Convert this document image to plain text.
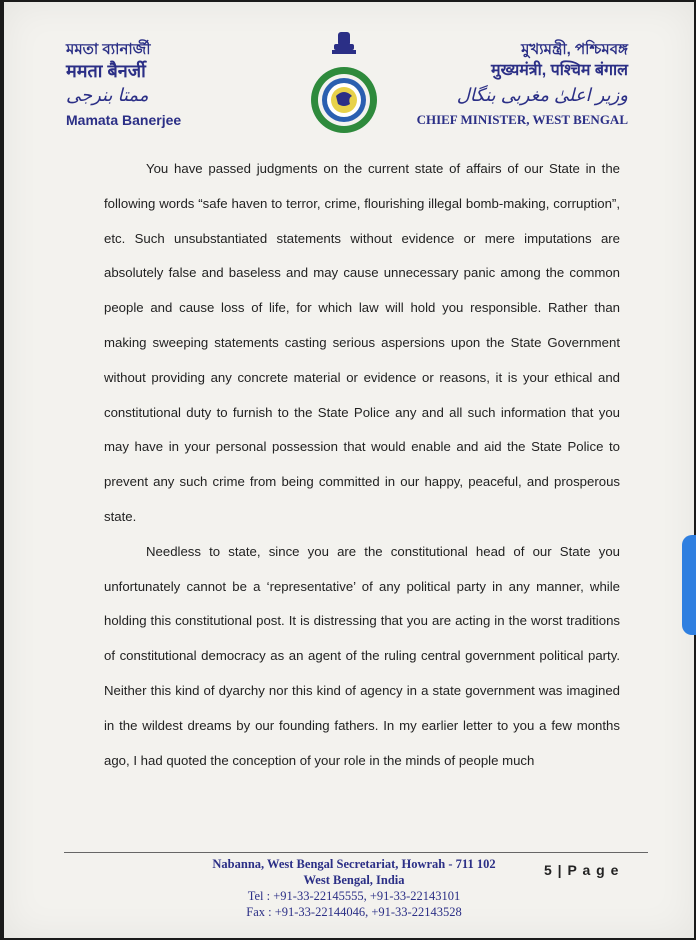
মমতা ব্যানার্জী
ममता बैनर्जी
ممتا بنرجی
Mamata Banerjee
মুখ্যমন্ত্রী, পশ্চিমবঙ্গ
मुख्यमंत्री, पश्चिम बंगाल
وزیر اعلیٰ مغربی بنگال
CHIEF MINISTER, WEST BENGAL

You have passed judgments on the current state of affairs of our State in the following words “safe haven to terror, crime, flourishing illegal bomb-making, corruption”, etc. Such unsubstantiated statements without evidence or mere imputations are absolutely false and baseless and may cause unnecessary panic among the common people and cause loss of life, for which law will hold you responsible. Rather than making sweeping statements casting serious aspersions upon the State Government without providing any concrete material or evidence or reasons, it is your ethical and constitutional duty to furnish to the State Police any and all such information that you may have in your personal possession that would enable and aid the State Police to prevent any such crime from being committed in our happy, peaceful, and prosperous state.

Needless to state, since you are the constitutional head of our State you unfortunately cannot be a ‘representative’ of any political party in any manner, while holding this constitutional post. It is distressing that you are acting in the worst traditions of constitutional democracy as an agent of the ruling central government political party. Neither this kind of dyarchy nor this kind of agency in a state government was imagined in the wildest dreams by our founding fathers. In my earlier letter to you a few months ago, I had quoted the conception of your role in the minds of people much

Nabanna, West Bengal Secretariat, Howrah - 711 102
West Bengal, India
Tel : +91-33-22145555, +91-33-22143101
Fax : +91-33-22144046, +91-33-22143528
5 | P a g e
